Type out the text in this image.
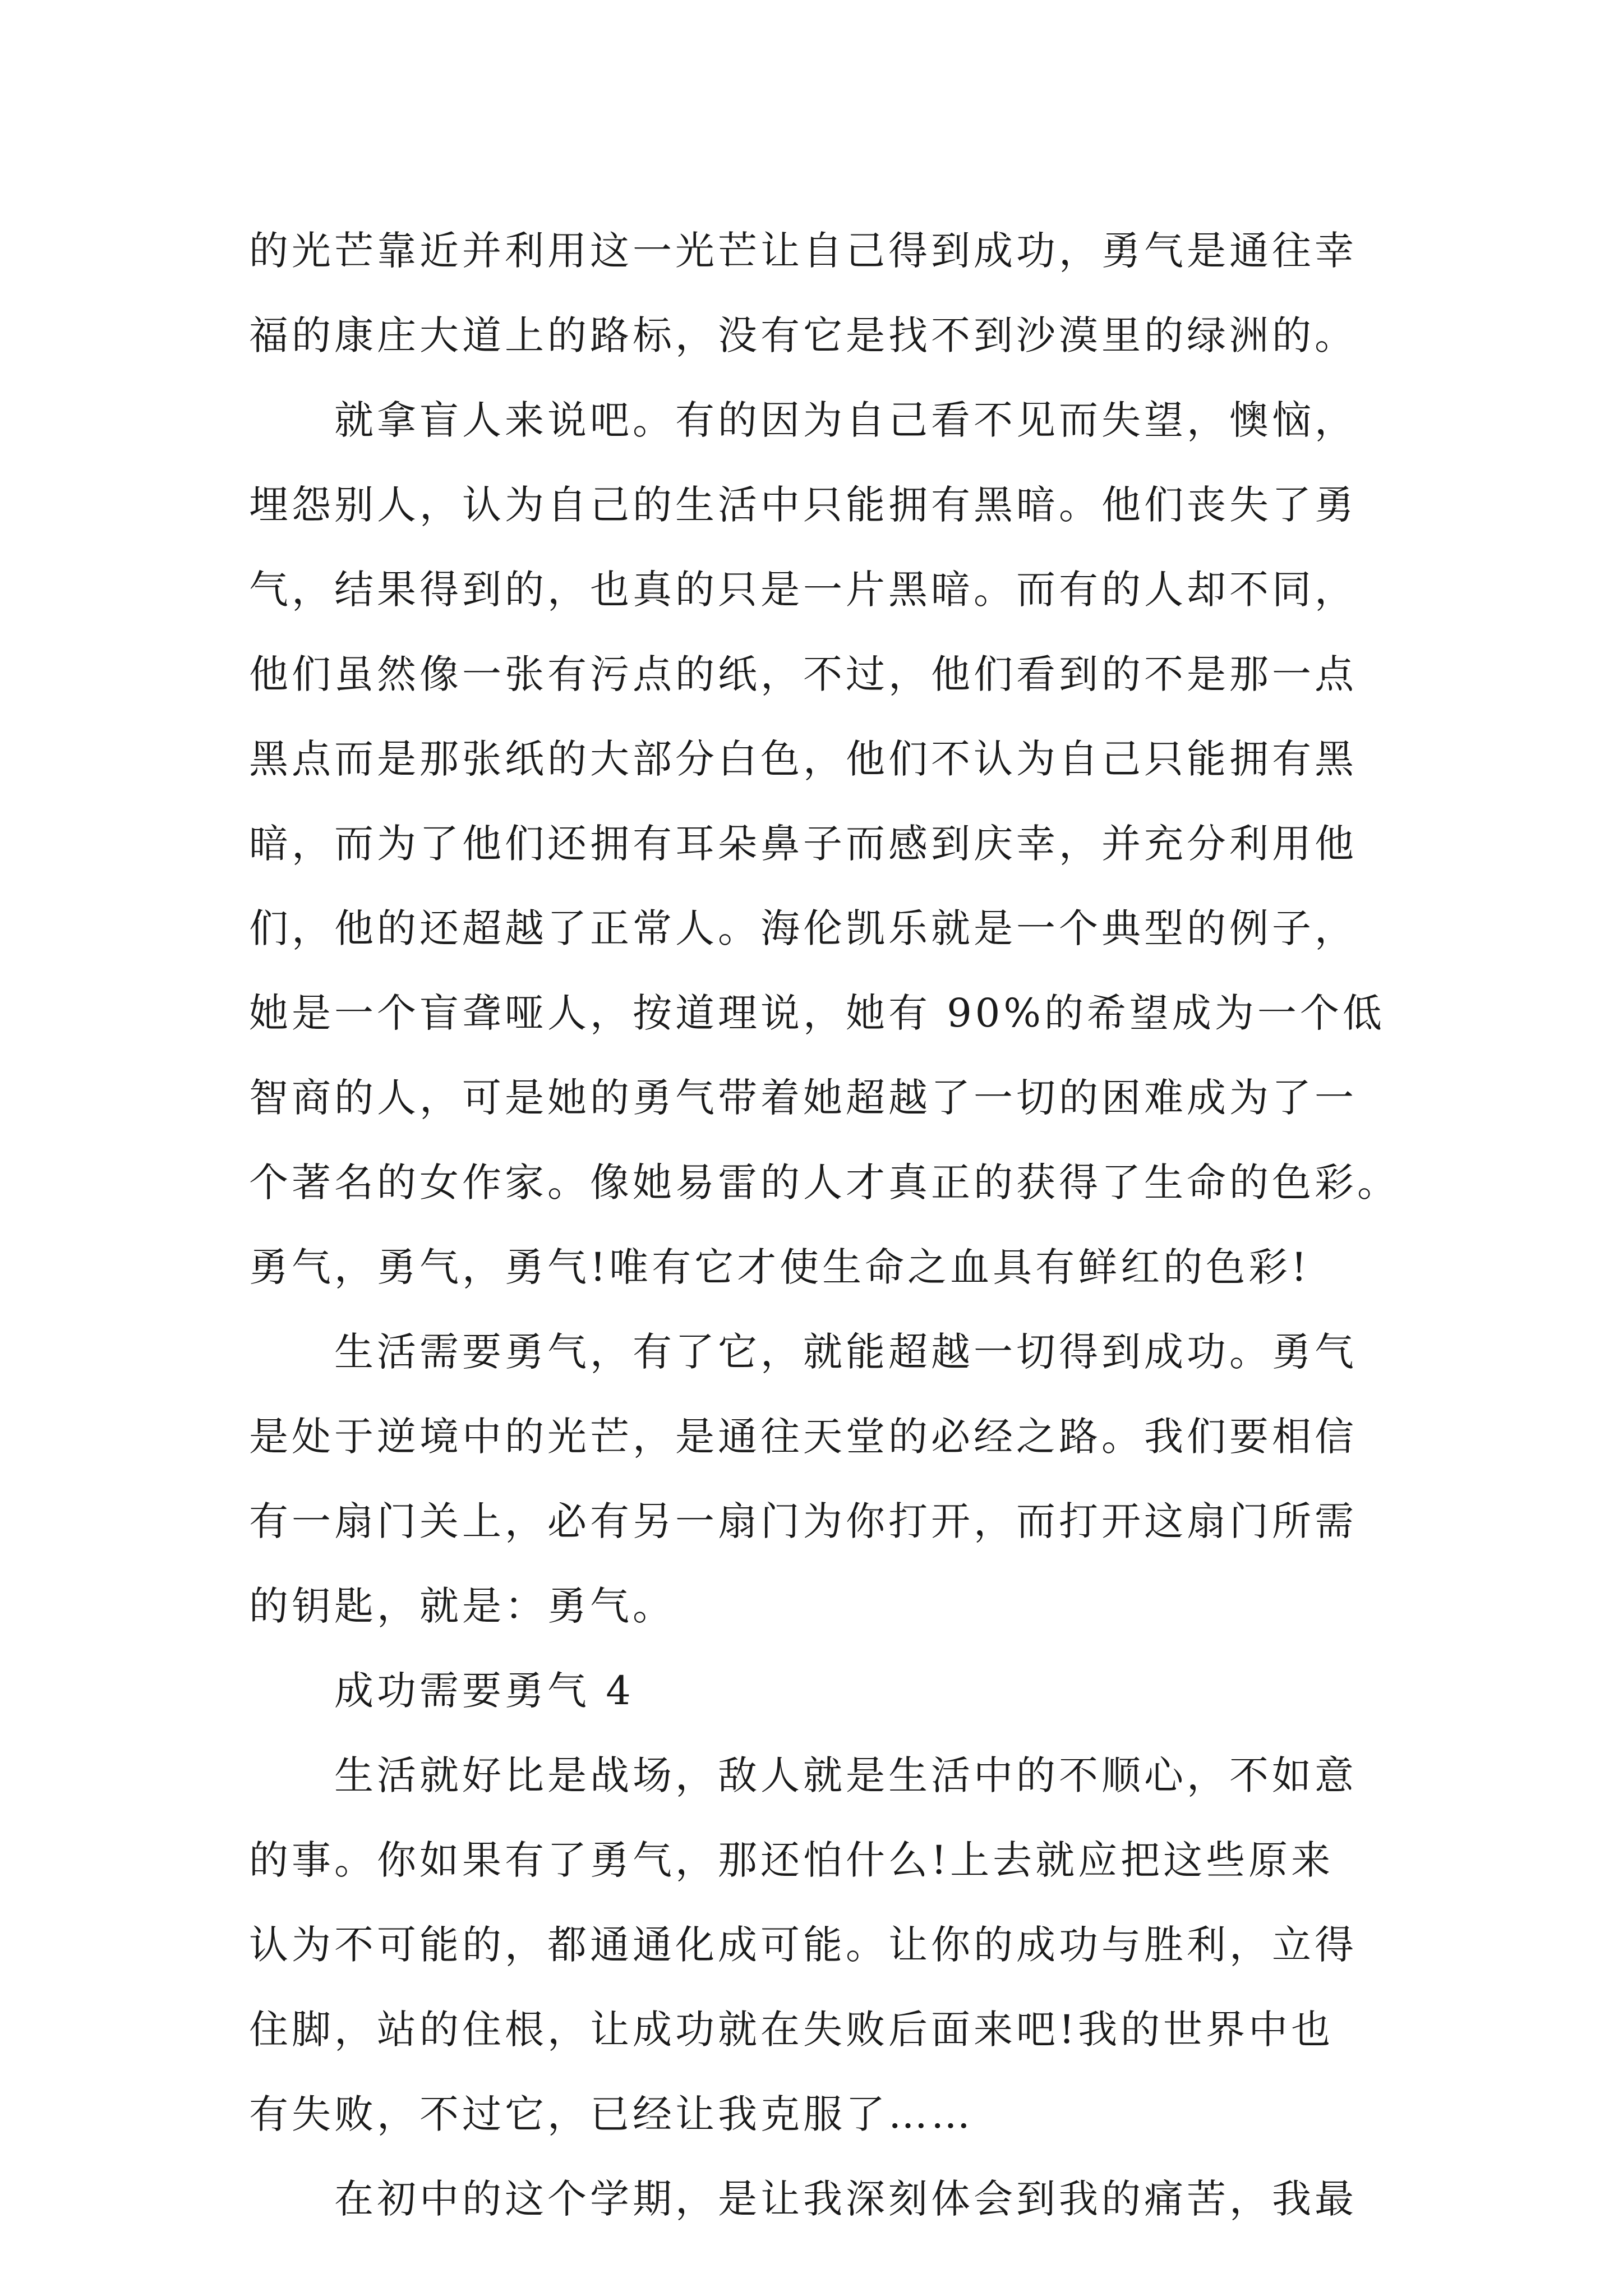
的光芒靠近并利用这一光芒让自己得到成功，勇气是通往幸
福的康庄大道上的路标，没有它是找不到沙漠里的绿洲的。
就拿盲人来说吧。有的因为自己看不见而失望，懊恼，
埋怨别人，认为自己的生活中只能拥有黑暗。他们丧失了勇
气，结果得到的，也真的只是一片黑暗。而有的人却不同，
他们虽然像一张有污点的纸，不过，他们看到的不是那一点
黑点而是那张纸的大部分白色，他们不认为自己只能拥有黑
暗，而为了他们还拥有耳朵鼻子而感到庆幸，并充分利用他
们，他的还超越了正常人。海伦凯乐就是一个典型的例子，
她是一个盲聋哑人，按道理说，她有 90%的希望成为一个低
智商的人，可是她的勇气带着她超越了一切的困难成为了一
个著名的女作家。像她易雷的人才真正的获得了生命的色彩。
勇气，勇气，勇气!唯有它才使生命之血具有鲜红的色彩!
生活需要勇气，有了它，就能超越一切得到成功。勇气
是处于逆境中的光芒，是通往天堂的必经之路。我们要相信
有一扇门关上，必有另一扇门为你打开，而打开这扇门所需
的钥匙，就是：勇气。
成功需要勇气 4
生活就好比是战场，敌人就是生活中的不顺心，不如意
的事。你如果有了勇气，那还怕什么!上去就应把这些原来
认为不可能的，都通通化成可能。让你的成功与胜利，立得
住脚，站的住根，让成功就在失败后面来吧!我的世界中也
有失败，不过它，已经让我克服了……
在初中的这个学期，是让我深刻体会到我的痛苦，我最
